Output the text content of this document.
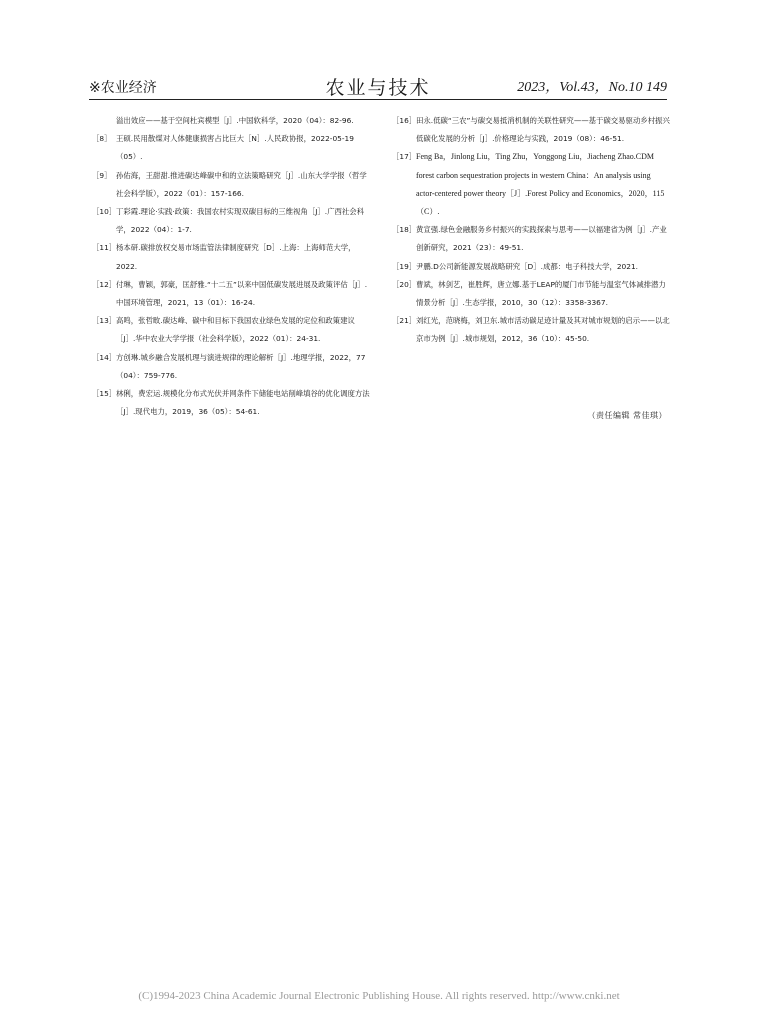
※农业经济	农业与技术	2023，Vol.43，No.10 149
溢出效应——基于空间杜宾模型［J］.中国软科学，2020（04）：82-96.
［8］ 王硕.民用散煤对人体健康损害占比巨大［N］.人民政协报，2022-05-19（05）.
［9］ 孙佑海，王甜甜.推进碳达峰碳中和的立法策略研究［J］.山东大学学报（哲学社会科学版），2022（01）：157-166.
［10］ 丁彩霞.理论·实践·政策：我国农村实现双碳目标的三维视角［J］.广西社会科学，2022（04）：1-7.
［11］ 杨本研.碳排放权交易市场监管法律制度研究［D］.上海：上海师范大学，2022.
［12］ 付琳，曹颖，郭豪，匡舒雅.“十二五”以来中国低碳发展进展及政策评估［J］.中国环境管理，2021，13（01）：16-24.
［13］ 高鸣，张哲畋.碳达峰、碳中和目标下我国农业绿色发展的定位和政策建议［J］.华中农业大学学报（社会科学版），2022（01）：24-31.
［14］ 方创琳.城乡融合发展机理与演进规律的理论解析［J］.地理学报，2022，77（04）：759-776.
［15］ 林俐，费宏运.规模化分布式光伏并网条件下储能电站削峰填谷的优化调度方法［J］.现代电力，2019，36（05）：54-61.
［16］ 田永.低碳“三农”与碳交易抵消机制的关联性研究——基于碳交易驱动乡村振兴低碳化发展的分析［J］.价格理论与实践，2019（08）：46-51.
［17］ Feng Ba，Jinlong Liu，Ting Zhu，Yonggong Liu，Jiacheng Zhao.CDM forest carbon sequestration projects in western China：An analysis using actor-centered power theory［J］.Forest Policy and Economics，2020，115（C）.
［18］ 黄宣强.绿色金融服务乡村振兴的实践探索与思考——以福建省为例［J］.产业创新研究，2021（23）：49-51.
［19］ 尹鹏.D公司新能源发展战略研究［D］.成都：电子科技大学，2021.
［20］ 曹斌，林剑艺，崔胜辉，唐立娜.基于LEAP的厦门市节能与温室气体减排潜力情景分析［J］.生态学报，2010，30（12）：3358-3367.
［21］ 刘红光，范晓梅，刘卫东.城市活动碳足迹计量及其对城市规划的启示——以北京市为例［J］.城市规划，2012，36（10）：45-50.
（责任编辑 常佳琪）
(C)1994-2023 China Academic Journal Electronic Publishing House. All rights reserved. http://www.cnki.net
